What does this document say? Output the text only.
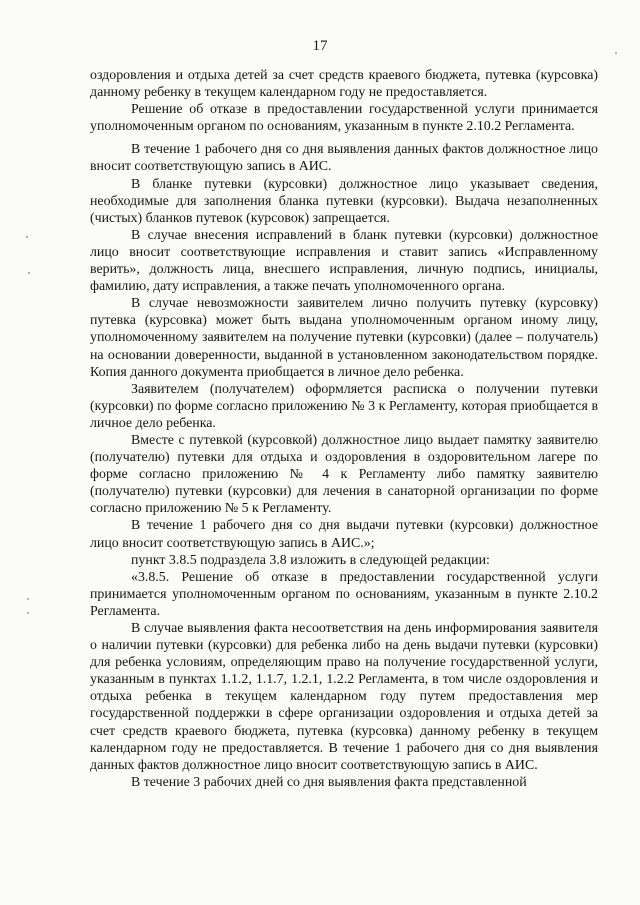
17

оздоровления и отдыха детей за счет средств краевого бюджета, путевка (курсовка) данному ребенку в текущем календарном году не предоставляется.

Решение об отказе в предоставлении государственной услуги принимается уполномоченным органом по основаниям, указанным в пункте 2.10.2 Регламента.

В течение 1 рабочего дня со дня выявления данных фактов должностное лицо вносит соответствующую запись в АИС.

В бланке путевки (курсовки) должностное лицо указывает сведения, необходимые для заполнения бланка путевки (курсовки). Выдача незаполненных (чистых) бланков путевок (курсовок) запрещается.

В случае внесения исправлений в бланк путевки (курсовки) должностное лицо вносит соответствующие исправления и ставит запись «Исправленному верить», должность лица, внесшего исправления, личную подпись, инициалы, фамилию, дату исправления, а также печать уполномоченного органа.

В случае невозможности заявителем лично получить путевку (курсовку) путевка (курсовка) может быть выдана уполномоченным органом иному лицу, уполномоченному заявителем на получение путевки (курсовки) (далее – получатель) на основании доверенности, выданной в установленном законодательством порядке. Копия данного документа приобщается в личное дело ребенка.

Заявителем (получателем) оформляется расписка о получении путевки (курсовки) по форме согласно приложению № 3 к Регламенту, которая приобщается в личное дело ребенка.

Вместе с путевкой (курсовкой) должностное лицо выдает памятку заявителю (получателю) путевки для отдыха и оздоровления в оздоровительном лагере по форме согласно приложению № 4 к Регламенту либо памятку заявителю (получателю) путевки (курсовки) для лечения в санаторной организации по форме согласно приложению № 5 к Регламенту.

В течение 1 рабочего дня со дня выдачи путевки (курсовки) должностное лицо вносит соответствующую запись в АИС.»;

пункт 3.8.5 подраздела 3.8 изложить в следующей редакции:

«3.8.5. Решение об отказе в предоставлении государственной услуги принимается уполномоченным органом по основаниям, указанным в пункте 2.10.2 Регламента.

В случае выявления факта несоответствия на день информирования заявителя о наличии путевки (курсовки) для ребенка либо на день выдачи путевки (курсовки) для ребенка условиям, определяющим право на получение государственной услуги, указанным в пунктах 1.1.2, 1.1.7, 1.2.1, 1.2.2 Регламента, в том числе оздоровления и отдыха ребенка в текущем календарном году путем предоставления мер государственной поддержки в сфере организации оздоровления и отдыха детей за счет средств краевого бюджета, путевка (курсовка) данному ребенку в текущем календарном году не предоставляется. В течение 1 рабочего дня со дня выявления данных фактов должностное лицо вносит соответствующую запись в АИС.

В течение 3 рабочих дней со дня выявления факта представленной
